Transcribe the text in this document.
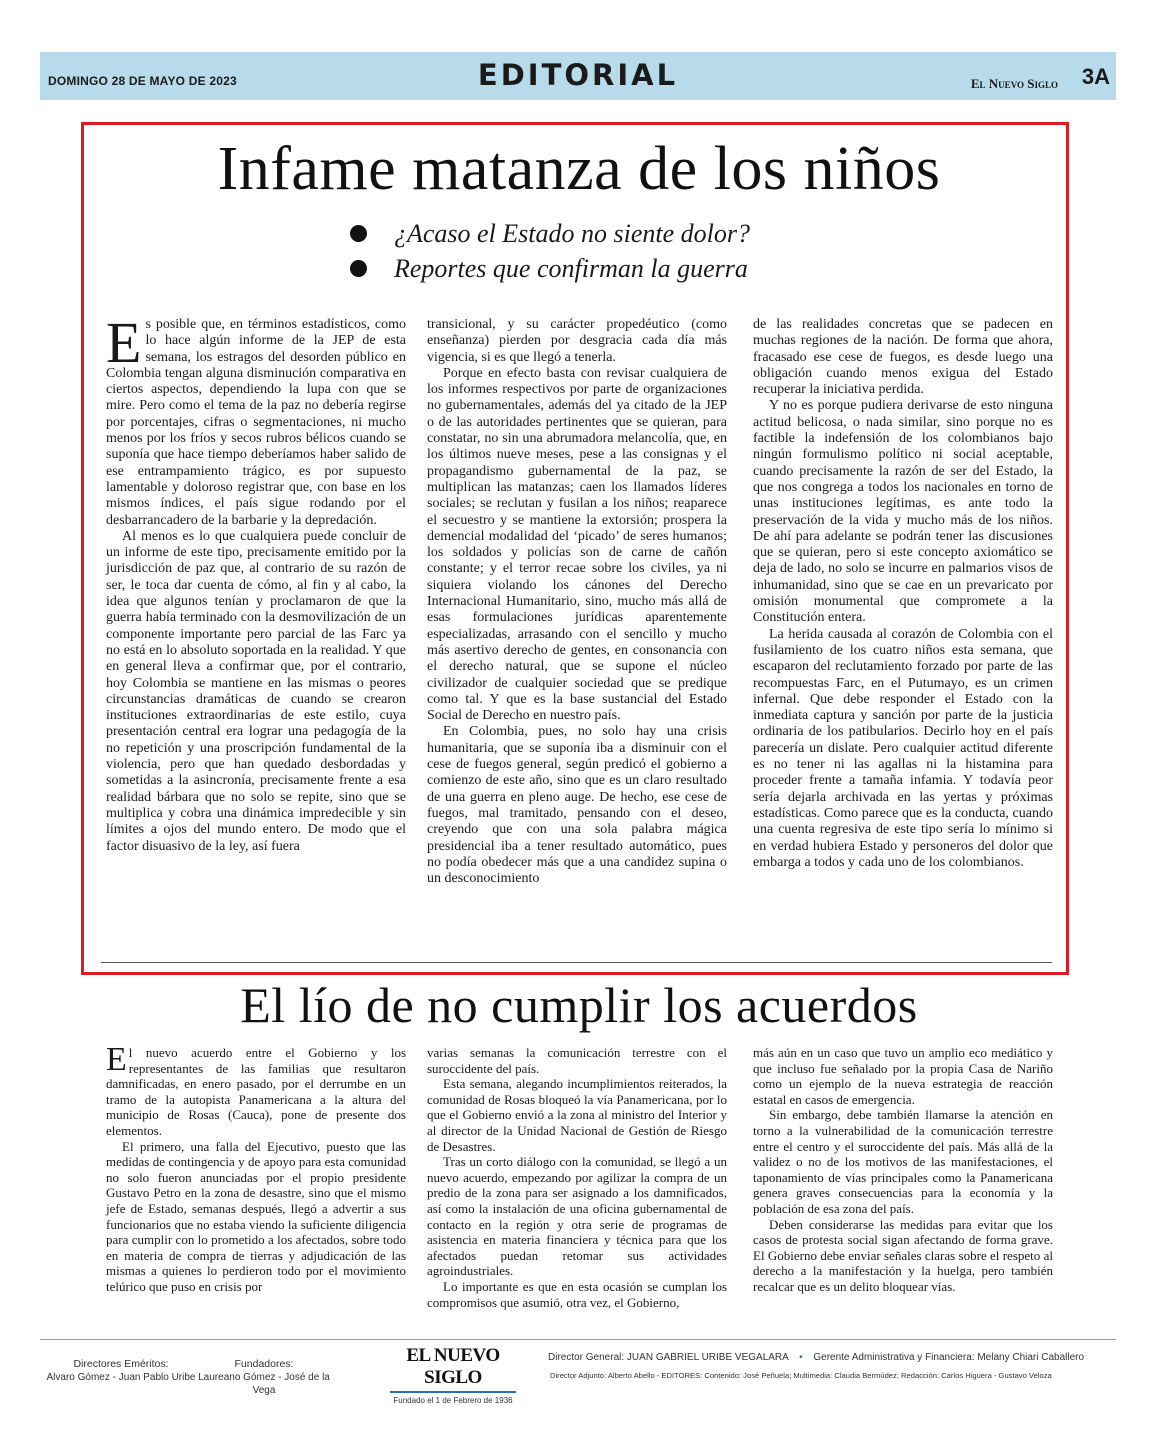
DOMINGO 28 DE MAYO DE 2023	EDITORIAL	El Nuevo Siglo 3A
Infame matanza de los niños
¿Acaso el Estado no siente dolor?
Reportes que confirman la guerra
E s posible que, en términos estadísticos, como lo hace algún informe de la JEP de esta semana, los estragos del desorden público en Colombia tengan alguna disminución comparativa en ciertos aspectos, dependiendo la lupa con que se mire. Pero como el tema de la paz no debería regirse por porcentajes, cifras o segmentaciones, ni mucho menos por los fríos y secos rubros bélicos cuando se suponía que hace tiempo deberíamos haber salido de ese entrampamiento trágico, es por supuesto lamentable y doloroso registrar que, con base en los mismos índices, el país sigue rodando por el desbarrancadero de la barbarie y la depredación.

Al menos es lo que cualquiera puede concluir de un informe de este tipo, precisamente emitido por la jurisdicción de paz que, al contrario de su razón de ser, le toca dar cuenta de cómo, al fin y al cabo, la idea que algunos tenían y proclamaron de que la guerra había terminado con la desmovilización de un componente importante pero parcial de las Farc ya no está en lo absoluto soportada en la realidad. Y que en general lleva a confirmar que, por el contrario, hoy Colombia se mantiene en las mismas o peores circunstancias dramáticas de cuando se crearon instituciones extraordinarias de este estilo, cuya presentación central era lograr una pedagogía de la no repetición y una proscripción fundamental de la violencia, pero que han quedado desbordadas y sometidas a la asincronía, precisamente frente a esa realidad bárbara que no solo se repite, sino que se multiplica y cobra una dinámica impredecible y sin límites a ojos del mundo entero. De modo que el factor disuasivo de la ley, así fuera

transicional, y su carácter propedéutico (como enseñanza) pierden por desgracia cada día más vigencia, si es que llegó a tenerla.

Porque en efecto basta con revisar cualquiera de los informes respectivos por parte de organizaciones no gubernamentales, además del ya citado de la JEP o de las autoridades pertinentes que se quieran, para constatar, no sin una abrumadora melancolía, que, en los últimos nueve meses, pese a las consignas y el propagandismo gubernamental de la paz, se multiplican las matanzas; caen los llamados líderes sociales; se reclutan y fusilan a los niños; reaparece el secuestro y se mantiene la extorsión; prospera la demencial modalidad del ‘picado’ de seres humanos; los soldados y policías son de carne de cañón constante; y el terror recae sobre los civiles, ya ni siquiera violando los cánones del Derecho Internacional Humanitario, sino, mucho más allá de esas formulaciones jurídicas aparentemente especializadas, arrasando con el sencillo y mucho más asertivo derecho de gentes, en consonancia con el derecho natural, que se supone el núcleo civilizador de cualquier sociedad que se predique como tal. Y que es la base sustancial del Estado Social de Derecho en nuestro país.

En Colombia, pues, no solo hay una crisis humanitaria, que se suponía iba a disminuir con el cese de fuegos general, según predicó el gobierno a comienzo de este año, sino que es un claro resultado de una guerra en pleno auge. De hecho, ese cese de fuegos, mal tramitado, pensando con el deseo, creyendo que con una sola palabra mágica presidencial iba a tener resultado automático, pues no podía obedecer más que a una candidez supina o un desconocimiento

de las realidades concretas que se padecen en muchas regiones de la nación. De forma que ahora, fracasado ese cese de fuegos, es desde luego una obligación cuando menos exigua del Estado recuperar la iniciativa perdida.

Y no es porque pudiera derivarse de esto ninguna actitud belicosa, o nada similar, sino porque no es factible la indefensión de los colombianos bajo ningún formulismo político ni social aceptable, cuando precisamente la razón de ser del Estado, la que nos congrega a todos los nacionales en torno de unas instituciones legítimas, es ante todo la preservación de la vida y mucho más de los niños. De ahí para adelante se podrán tener las discusiones que se quieran, pero si este concepto axiomático se deja de lado, no solo se incurre en palmarios visos de inhumanidad, sino que se cae en un prevaricato por omisión monumental que compromete a la Constitución entera.

La herida causada al corazón de Colombia con el fusilamiento de los cuatro niños esta semana, que escaparon del reclutamiento forzado por parte de las recompuestas Farc, en el Putumayo, es un crimen infernal. Que debe responder el Estado con la inmediata captura y sanción por parte de la justicia ordinaria de los patibularios. Decirlo hoy en el país parecería un dislate. Pero cualquier actitud diferente es no tener ni las agallas ni la histamina para proceder frente a tamaña infamia. Y todavía peor sería dejarla archivada en las yertas y próximas estadísticas. Como parece que es la conducta, cuando una cuenta regresiva de este tipo sería lo mínimo si en verdad hubiera Estado y personeros del dolor que embarga a todos y cada uno de los colombianos.

El lío de no cumplir los acuerdos
E l nuevo acuerdo entre el Gobierno y los representantes de las familias que resultaron damnificadas, en enero pasado, por el derrumbe en un tramo de la autopista Panamericana a la altura del municipio de Rosas (Cauca), pone de presente dos elementos.

El primero, una falla del Ejecutivo, puesto que las medidas de contingencia y de apoyo para esta comunidad no solo fueron anunciadas por el propio presidente Gustavo Petro en la zona de desastre, sino que el mismo jefe de Estado, semanas después, llegó a advertir a sus funcionarios que no estaba viendo la suficiente diligencia para cumplir con lo prometido a los afectados, sobre todo en materia de compra de tierras y adjudicación de las mismas a quienes lo perdieron todo por el movimiento telúrico que puso en crisis por

varias semanas la comunicación terrestre con el suroccidente del país.

Esta semana, alegando incumplimientos reiterados, la comunidad de Rosas bloqueó la vía Panamericana, por lo que el Gobierno envió a la zona al ministro del Interior y al director de la Unidad Nacional de Gestión de Riesgo de Desastres.

Tras un corto diálogo con la comunidad, se llegó a un nuevo acuerdo, empezando por agilizar la compra de un predio de la zona para ser asignado a los damnificados, así como la instalación de una oficina gubernamental de contacto en la región y otra serie de programas de asistencia en materia financiera y técnica para que los afectados puedan retomar sus actividades agroindustriales.

Lo importante es que en esta ocasión se cumplan los compromisos que asumió, otra vez, el Gobierno,

más aún en un caso que tuvo un amplio eco mediático y que incluso fue señalado por la propia Casa de Nariño como un ejemplo de la nueva estrategia de reacción estatal en casos de emergencia.

Sin embargo, debe también llamarse la atención en torno a la vulnerabilidad de la comunicación terrestre entre el centro y el suroccidente del país. Más allá de la validez o no de los motivos de las manifestaciones, el taponamiento de vías principales como la Panamericana genera graves consecuencias para la economía y la población de esa zona del país.

Deben considerarse las medidas para evitar que los casos de protesta social sigan afectando de forma grave. El Gobierno debe enviar señales claras sobre el respeto al derecho a la manifestación y la huelga, pero también recalcar que es un delito bloquear vías.

Directores Eméritos:
Alvaro Gómez - Juan Pablo Uribe
Fundadores:
Laureano Gómez - José de la Vega
EL NUEVO SIGLO
Fundado el 1 de Febrero de 1936
Director General: JUAN GABRIEL URIBE VEGALARA • Gerente Administrativa y Financiera: Melany Chiari Caballero
Director Adjunto: Alberto Abello - EDITORES: Contenido: José Peñuela; Multimedia: Claudia Bermúdez; Redacción: Carlos Higuera - Gustavo Veloza
